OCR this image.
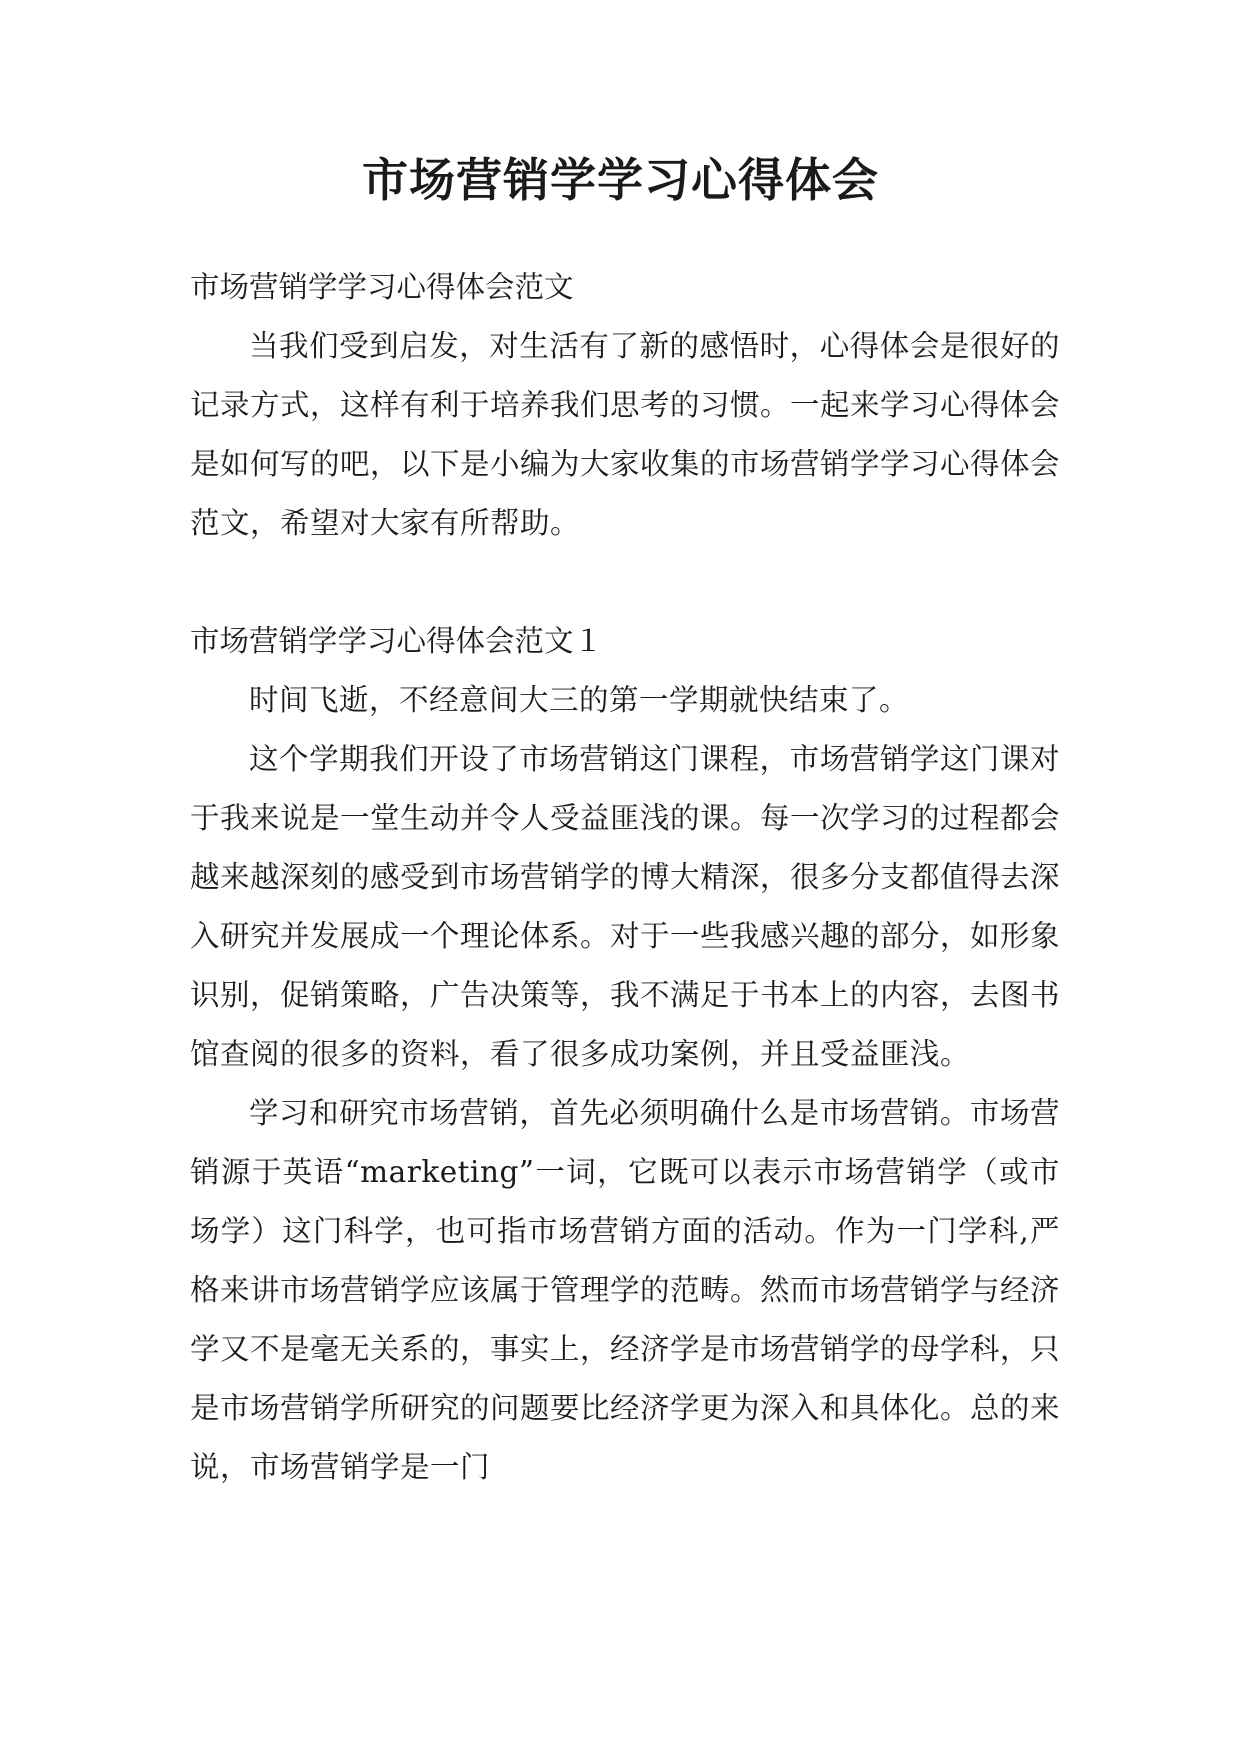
市场营销学学习心得体会

市场营销学学习心得体会范文

当我们受到启发，对生活有了新的感悟时，心得体会是很好的记录方式，这样有利于培养我们思考的习惯。一起来学习心得体会是如何写的吧，以下是小编为大家收集的市场营销学学习心得体会范文，希望对大家有所帮助。

市场营销学学习心得体会范文１

时间飞逝，不经意间大三的第一学期就快结束了。

这个学期我们开设了市场营销这门课程，市场营销学这门课对于我来说是一堂生动并令人受益匪浅的课。每一次学习的过程都会越来越深刻的感受到市场营销学的博大精深，很多分支都值得去深入研究并发展成一个理论体系。对于一些我感兴趣的部分，如形象识别，促销策略，广告决策等，我不满足于书本上的内容，去图书馆查阅的很多的资料，看了很多成功案例，并且受益匪浅。

学习和研究市场营销，首先必须明确什么是市场营销。市场营销源于英语“marketing”一词，它既可以表示市场营销学（或市场学）这门科学，也可指市场营销方面的活动。作为一门学科,严格来讲市场营销学应该属于管理学的范畴。然而市场营销学与经济学又不是毫无关系的，事实上，经济学是市场营销学的母学科，只是市场营销学所研究的问题要比经济学更为深入和具体化。总的来说，市场营销学是一门
